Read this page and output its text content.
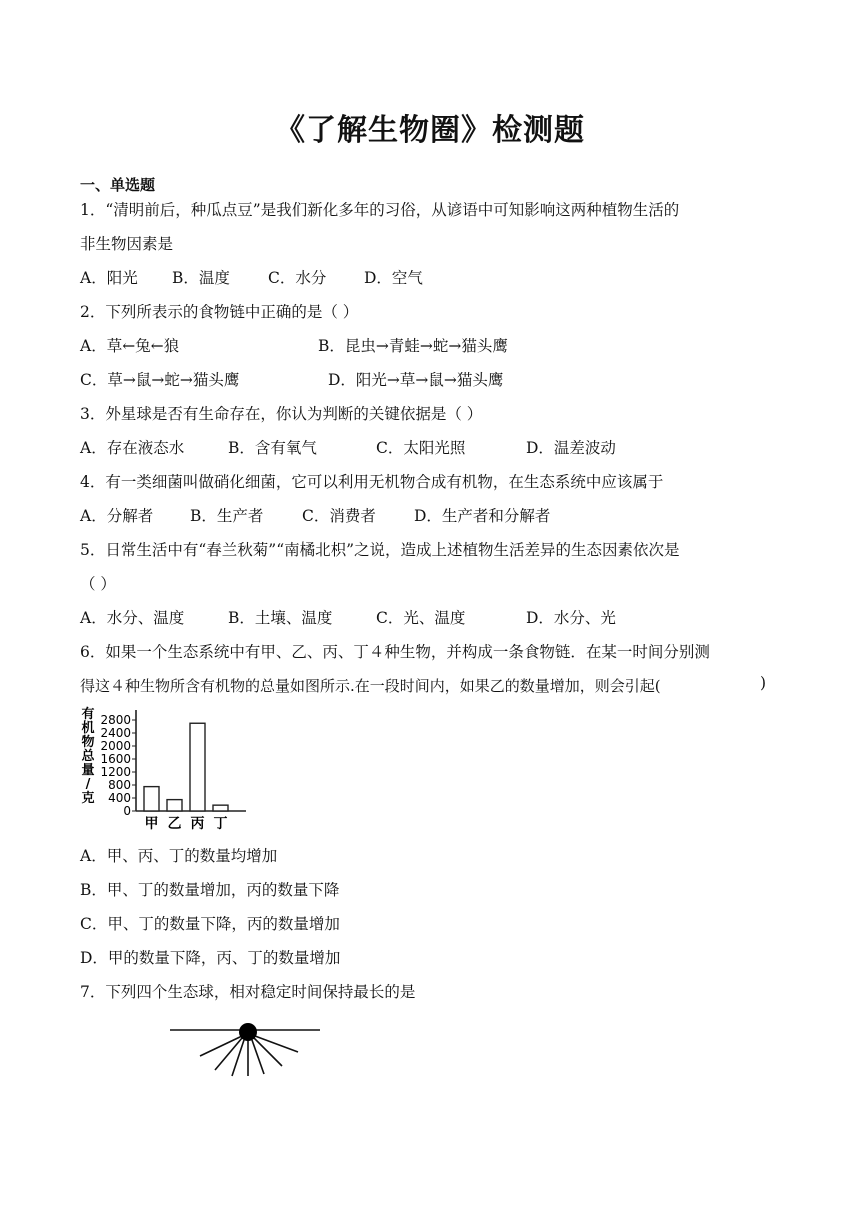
《了解生物圈》检测题
一、单选题
1．“清明前后，种瓜点豆”是我们新化多年的习俗，从谚语中可知影响这两种植物生活的
非生物因素是
A．阳光 B．温度 C．水分 D．空气
2．下列所表示的食物链中正确的是（ ）
A．草←兔←狼	B．昆虫→青蛙→蛇→猫头鹰
C．草→鼠→蛇→猫头鹰	D．阳光→草→鼠→猫头鹰
3．外星球是否有生命存在，你认为判断的关键依据是（ ）
A．存在液态水	B．含有氧气	C．太阳光照	D．温差波动
4．有一类细菌叫做硝化细菌，它可以利用无机物合成有机物，在生态系统中应该属于
A．分解者 B．生产者 C．消费者 D．生产者和分解者
5．日常生活中有“春兰秋菊”“南橘北枳”之说，造成上述植物生活差异的生态因素依次是
（ ）
A．水分、温度	B．土壤、温度	C．光、温度	D．水分、光
6．如果一个生态系统中有甲、乙、丙、丁４种生物，并构成一条食物链．在某一时间分别测
得这４种生物所含有机物的总量如图所示.在一段时间内，如果乙的数量增加，则会引起(	)
有
机
物
总
量
/
克
0
400
800
1200
1600
2000
2400
2800
甲 乙 丙 丁
A．甲、丙、丁的数量均增加
B．甲、丁的数量增加，丙的数量下降
C．甲、丁的数量下降，丙的数量增加
D．甲的数量下降，丙、丁的数量增加
7．下列四个生态球，相对稳定时间保持最长的是
